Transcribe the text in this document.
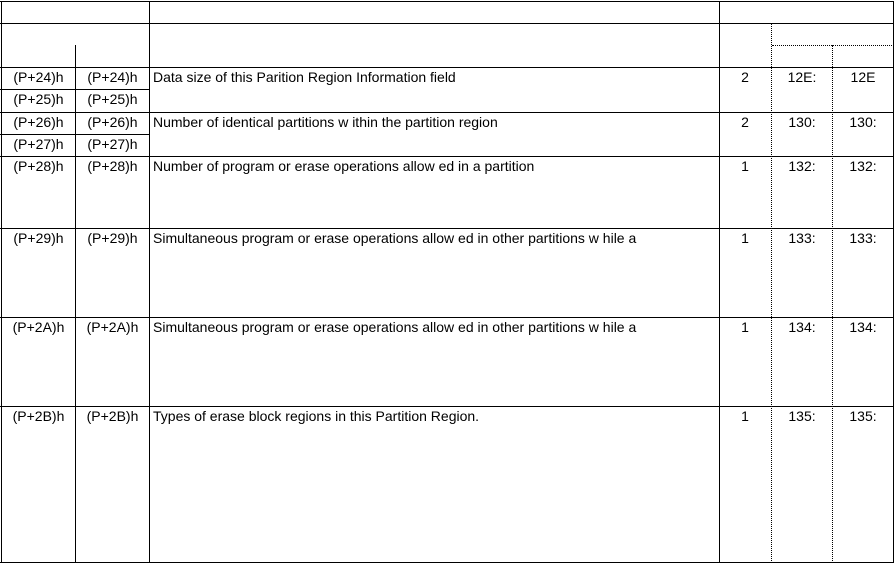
(P+24)h	(P+24)h	Data size of this Parition Region Information field	2	12E:	12E
(P+25)h	(P+25)h
(P+26)h	(P+26)h	Number of identical partitions w ithin the partition region	2	130:	130:
(P+27)h	(P+27)h
(P+28)h	(P+28)h	Number of program or erase operations allow ed in a partition	1	132:	132:
(P+29)h	(P+29)h	Simultaneous program or erase operations allow ed in other partitions w hile a	1	133:	133:
(P+2A)h	(P+2A)h	Simultaneous program or erase operations allow ed in other partitions w hile a	1	134:	134:
(P+2B)h	(P+2B)h	Types of erase block regions in this Partition Region.	1	135:	135:
